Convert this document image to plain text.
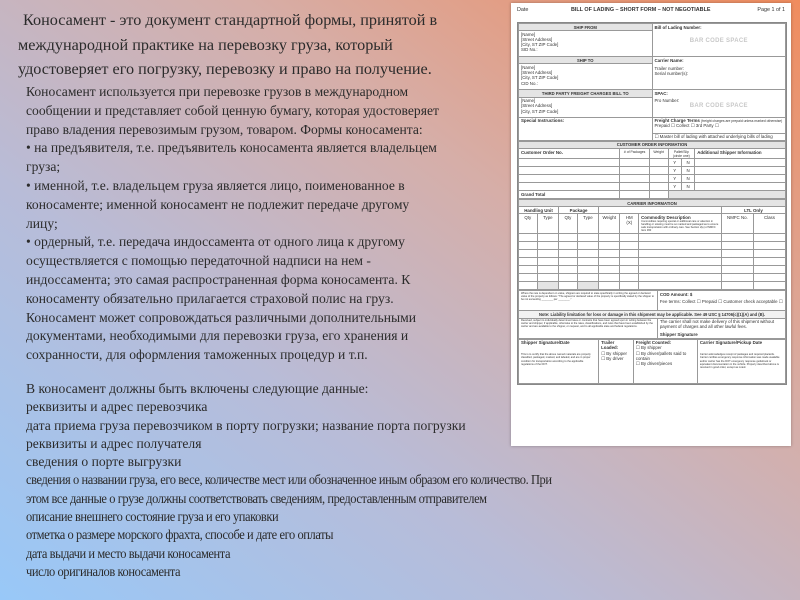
Коносамент - это документ стандартной формы, принятой в
международной практике на перевозку груза, который
удостоверяет его погрузку, перевозку и право на получение.
Коносамент используется при перевозке грузов в международном
сообщении и представляет собой ценную бумагу, которая удостоверяет
право владения перевозимым грузом, товаром. Формы коносамента:
• на предъявителя, т.е. предъявитель коносамента является владельцем
груза;
• именной, т.е. владельцем груза является лицо, поименованное в
коносаменте; именной коносамент не подлежит передаче другому
лицу;
• ордерный, т.е. передача индоссамента от одного лица к другому
осуществляется с помощью передаточной надписи на нем -
индоссамента; это самая распространенная форма коносамента. К
коносаменту обязательно прилагается страховой полис на груз.
Коносамент может сопровождаться различными дополнительными
документами, необходимыми для перевозки груза, его хранения и
сохранности, для оформления таможенных процедур и т.п.
В коносамент должны быть включены следующие данные:
реквизиты и адрес перевозчика
дата приема груза перевозчиком в порту погрузки; название порта погрузки
реквизиты и адрес получателя
сведения о порте выгрузки
сведения о названии груза, его весе, количестве мест или обозначенное иным образом его количество. При
этом все данные о грузе должны соответствовать сведениям, предоставленным отправителем
описание внешнего состояние груза и его упаковки
отметка о размере морского фрахта, способе и дате его оплаты
дата выдачи и место выдачи коносамента
число оригиналов коносамента
Date	BILL OF LADING – SHORT FORM – NOT NEGOTIABLE	Page 1 of 1
SHIP FROM	Bill of Lading Number:
BAR CODE SPACE

[Name]
[Street Address]
[City, ST ZIP Code]
SID No.:	

SHIP TO	Carrier Name:
Trailer number:
Serial number(s):

[Name]
[Street Address]
[City, ST ZIP Code]
CID No.:	

THIRD PARTY FREIGHT CHARGES BILL TO	SPAC:
Pro Number:
BAR CODE SPACE

[Name]
[Street Address]
[City, ST ZIP Code]	

Special Instructions:	Freight Charge Terms (freight charges are prepaid unless marked otherwise)
Prepaid ☐ Collect ☐ 3rd Party ☐

	☐ Master bill of lading with attached underlying bills of lading
CUSTOMER ORDER INFORMATION					
Customer Order No.	# of Packages	Weight	Pallet/Slip (circle one)		Additional Shipper Information
			Y	N	
			Y	N	
			Y	N	
			Y	N	
Grand Total					
CARRIER INFORMATION								
Handling Unit		Package					LTL Only	
Qty	Type	Qty	Type	Weight	HM (X)	Commodity Description
Commodities requiring special or additional care or attention in handling or stowing must be so marked and packaged as to ensure safe transportation with ordinary care. See Section 2(e) of NMFC Item 360	NMFC No.	Class

Where the rate is dependent on value, shippers are required to state specifically in writing the agreed or declared value of the property as follows: "The agreed or declared value of the property is specifically stated by the shipper to be not exceeding ________ per ________."	COD Amount: $
Fee terms: Collect ☐ Prepaid ☐ Customer check acceptable ☐

Note: Liability limitation for loss or damage in this shipment may be applicable. See 49 USC § 14706(c)(1)(A) and (B).	
Received, subject to individually determined rates or contracts that have been agreed upon in writing between the carrier and shipper, if applicable, otherwise to the rates, classifications, and rules that have been established by the carrier and are available to the shipper, on request, and to all applicable state and federal regulations.	The carrier shall not make delivery of this shipment without payment of charges and all other lawful fees.
Shipper Signature
Shipper Signature/Date
This is to certify that the above named materials are properly classified, packaged, marked, and labeled, and are in proper condition for transportation according to the applicable regulations of the DOT.

Trailer Loaded:
☐ By shipper
☐ By driver

Freight Counted:
☐ By shipper
☐ By driver/pallets said to contain
☐ By driver/pieces

Carrier Signature/Pickup Date
Carrier acknowledges receipt of packages and required placards. Carrier certifies emergency response information was made available and/or carrier has the DOT emergency response guidebook or equivalent documentation in the vehicle. Property described above is received in good order, except as noted.
